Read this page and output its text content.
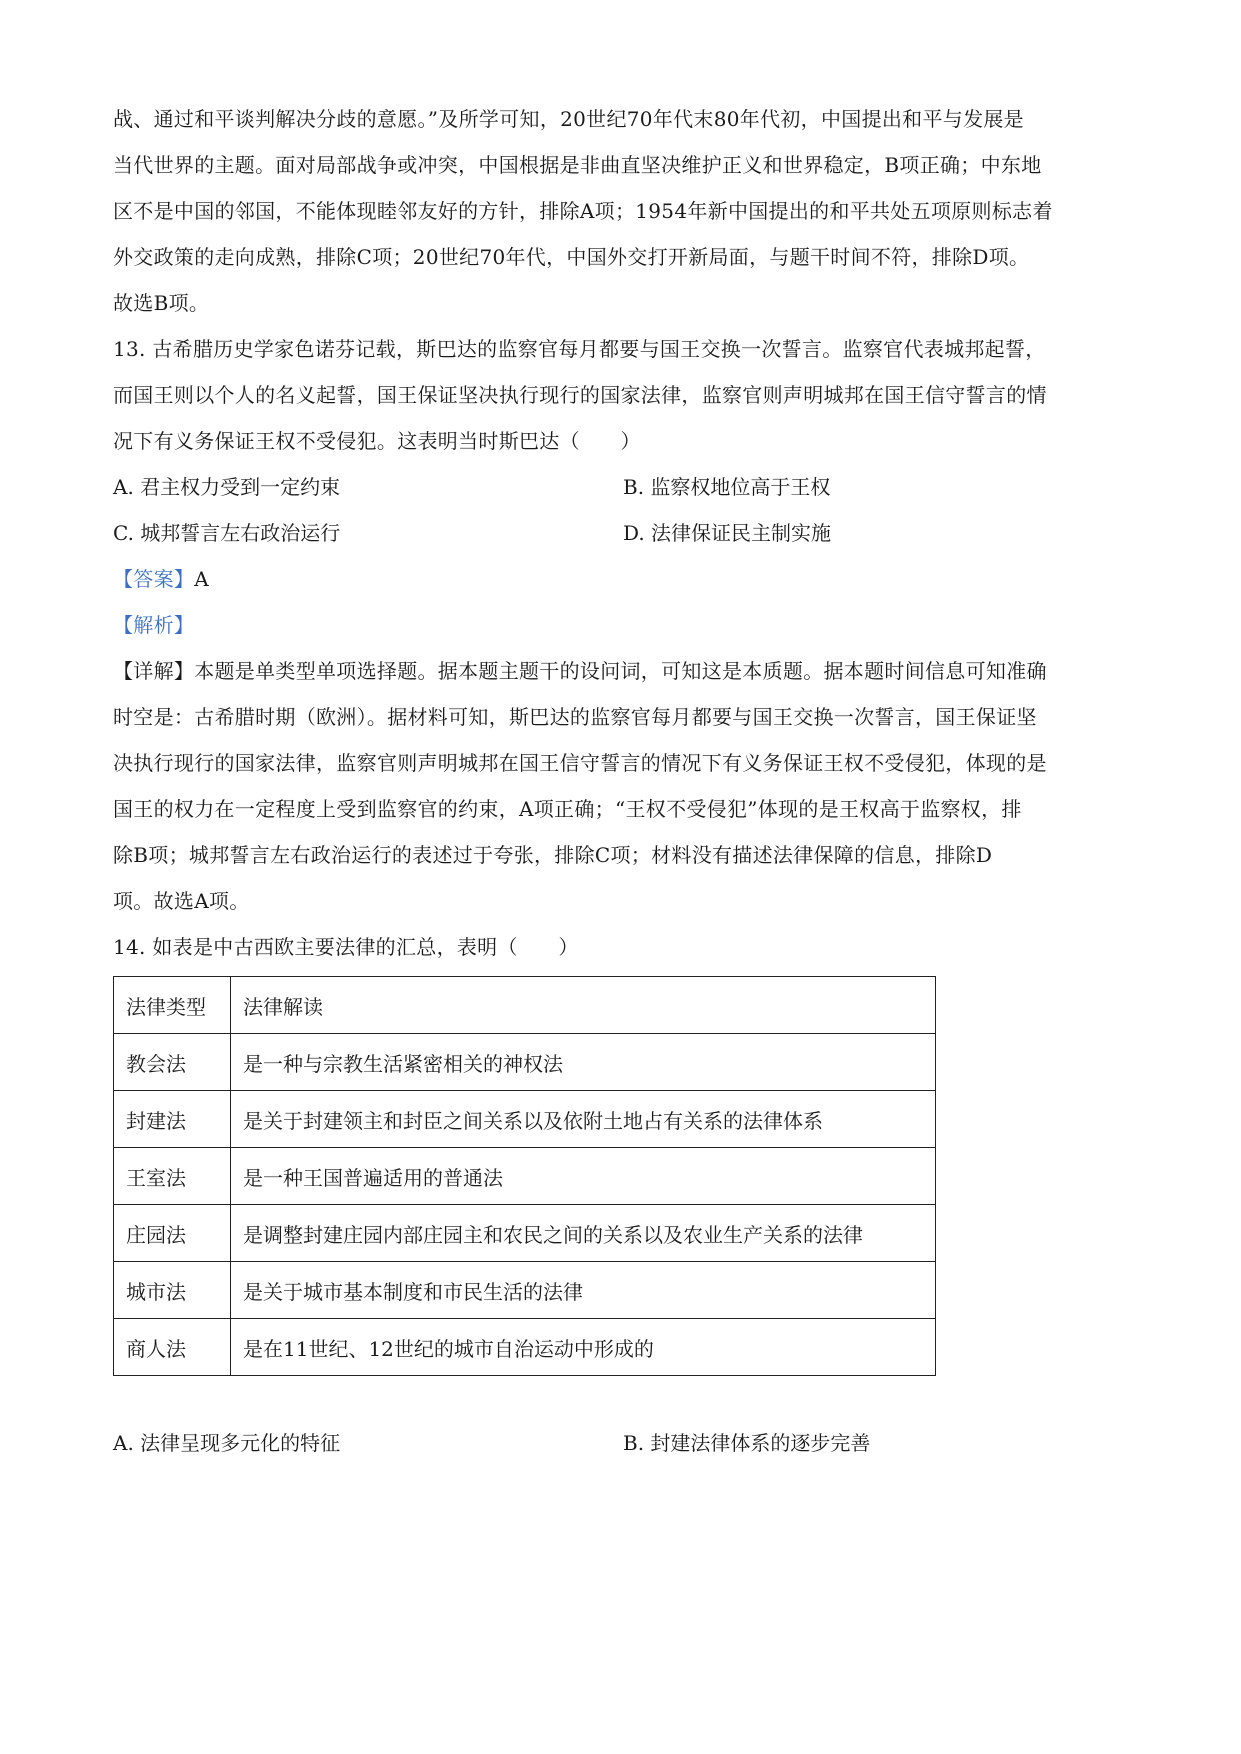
战、通过和平谈判解决分歧的意愿。”及所学可知，20世纪70年代末80年代初，中国提出和平与发展是
当代世界的主题。面对局部战争或冲突，中国根据是非曲直坚决维护正义和世界稳定，B项正确；中东地
区不是中国的邻国，不能体现睦邻友好的方针，排除A项；1954年新中国提出的和平共处五项原则标志着
外交政策的走向成熟，排除C项；20世纪70年代，中国外交打开新局面，与题干时间不符，排除D项。
故选B项。
13. 古希腊历史学家色诺芬记载，斯巴达的监察官每月都要与国王交换一次誓言。监察官代表城邦起誓，
而国王则以个人的名义起誓，国王保证坚决执行现行的国家法律，监察官则声明城邦在国王信守誓言的情
况下有义务保证王权不受侵犯。这表明当时斯巴达（　　）
A. 君主权力受到一定约束	B. 监察权地位高于王权
C. 城邦誓言左右政治运行	D. 法律保证民主制实施
【答案】A
【解析】
【详解】本题是单类型单项选择题。据本题主题干的设问词，可知这是本质题。据本题时间信息可知准确
时空是：古希腊时期（欧洲）。据材料可知，斯巴达的监察官每月都要与国王交换一次誓言，国王保证坚
决执行现行的国家法律，监察官则声明城邦在国王信守誓言的情况下有义务保证王权不受侵犯，体现的是
国王的权力在一定程度上受到监察官的约束，A项正确；“王权不受侵犯”体现的是王权高于监察权，排
除B项；城邦誓言左右政治运行的表述过于夸张，排除C项；材料没有描述法律保障的信息，排除D
项。故选A项。
14. 如表是中古西欧主要法律的汇总，表明（　　）
法律类型	法律解读
教会法	是一种与宗教生活紧密相关的神权法
封建法	是关于封建领主和封臣之间关系以及依附土地占有关系的法律体系
王室法	是一种王国普遍适用的普通法
庄园法	是调整封建庄园内部庄园主和农民之间的关系以及农业生产关系的法律
城市法	是关于城市基本制度和市民生活的法律
商人法	是在11世纪、12世纪的城市自治运动中形成的
A. 法律呈现多元化的特征	B. 封建法律体系的逐步完善
